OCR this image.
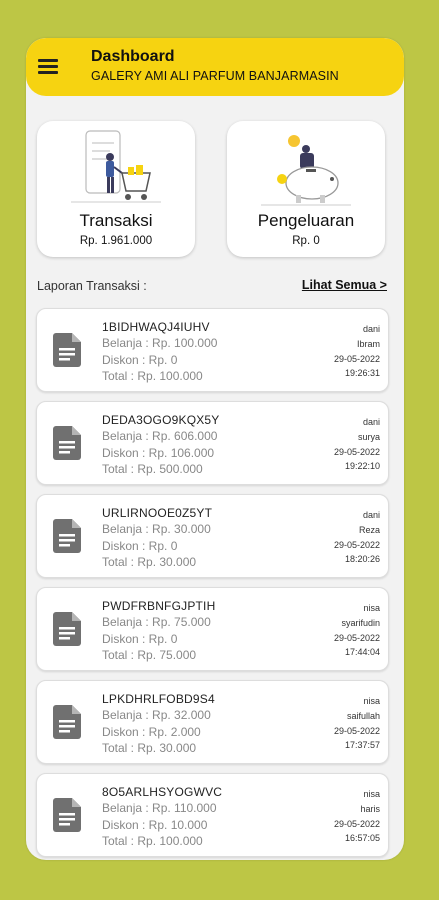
Dashboard
GALERY AMI ALI PARFUM BANJARMASIN
Transaksi
Rp. 1.961.000
Pengeluaran
Rp. 0
Laporan Transaksi :	Lihat Semua >
1BIDHWAQJ4IUHV
Belanja : Rp. 100.000
Diskon : Rp. 0
Total : Rp. 100.000
dani
Ibram
29-05-2022
19:26:31
DEDA3OGO9KQX5Y
Belanja : Rp. 606.000
Diskon : Rp. 106.000
Total : Rp. 500.000
dani
surya
29-05-2022
19:22:10
URLIRNOOE0Z5YT
Belanja : Rp. 30.000
Diskon : Rp. 0
Total : Rp. 30.000
dani
Reza
29-05-2022
18:20:26
PWDFRBNFGJPTIH
Belanja : Rp. 75.000
Diskon : Rp. 0
Total : Rp. 75.000
nisa
syarifudin
29-05-2022
17:44:04
LPKDHRLFOBD9S4
Belanja : Rp. 32.000
Diskon : Rp. 2.000
Total : Rp. 30.000
nisa
saifullah
29-05-2022
17:37:57
8O5ARLHSYOGWVC
Belanja : Rp. 110.000
Diskon : Rp. 10.000
Total : Rp. 100.000
nisa
haris
29-05-2022
16:57:05
